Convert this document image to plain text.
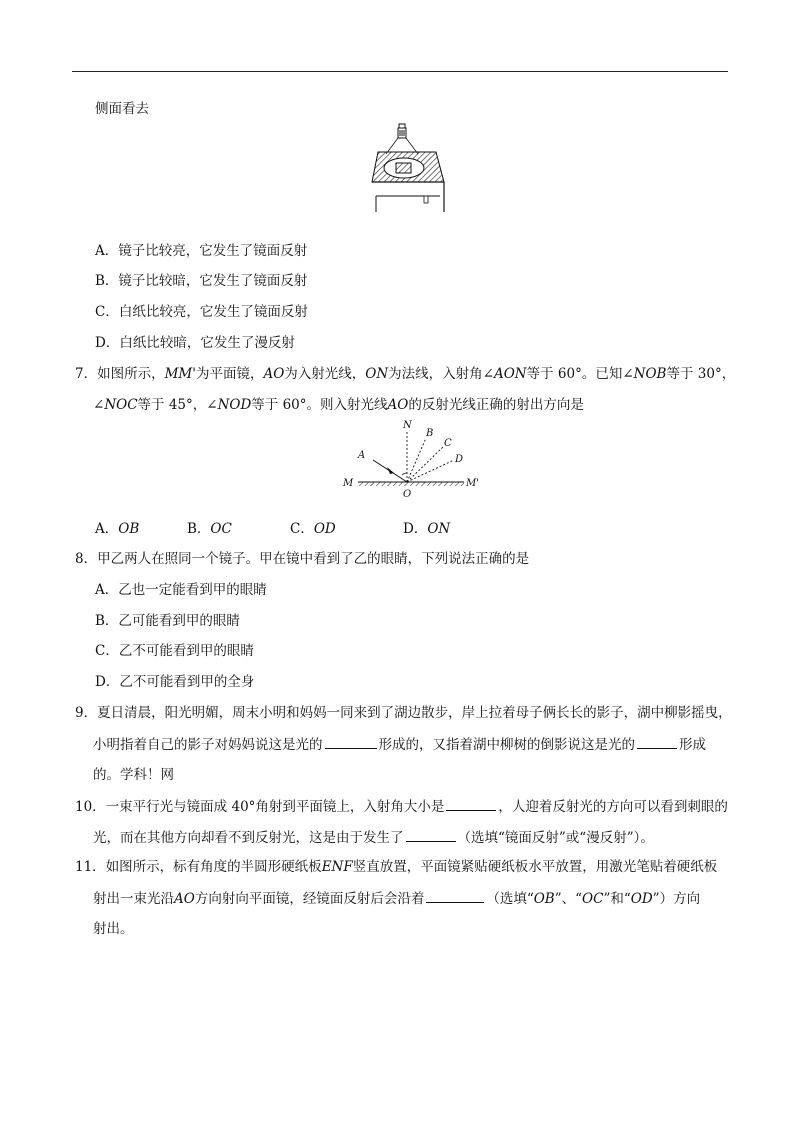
侧面看去
A．镜子比较亮，它发生了镜面反射
B．镜子比较暗，它发生了镜面反射
C．白纸比较亮，它发生了镜面反射
D．白纸比较暗，它发生了漫反射
7．如图所示，MM'为平面镜，AO为入射光线，ON为法线，入射角∠AON等于 60°。已知∠NOB等于 30°，
∠NOC等于 45°，∠NOD等于 60°。则入射光线AO的反射光线正确的射出方向是
N
B
C
D
A
M
O
M'
A．OB	B．OC	C．OD	D．ON
8．甲乙两人在照同一个镜子。甲在镜中看到了乙的眼睛，下列说法正确的是
A．乙也一定能看到甲的眼睛
B．乙可能看到甲的眼睛
C．乙不可能看到甲的眼睛
D．乙不可能看到甲的全身
9．夏日清晨，阳光明媚，周末小明和妈妈一同来到了湖边散步，岸上拉着母子俩长长的影子，湖中柳影摇曳，
小明指着自己的影子对妈妈说这是光的	形成的，又指着湖中柳树的倒影说这是光的	形成
的。学科！网
10．一束平行光与镜面成 40°角射到平面镜上，入射角大小是	，人迎着反射光的方向可以看到刺眼的
光，而在其他方向却看不到反射光，这是由于发生了	（选填“镜面反射”或“漫反射”）。
11．如图所示，标有角度的半圆形硬纸板ENF竖直放置，平面镜紧贴硬纸板水平放置，用激光笔贴着硬纸板
射出一束光沿AO方向射向平面镜，经镜面反射后会沿着	（选填“OB”、“OC”和“OD”）方向
射出。
